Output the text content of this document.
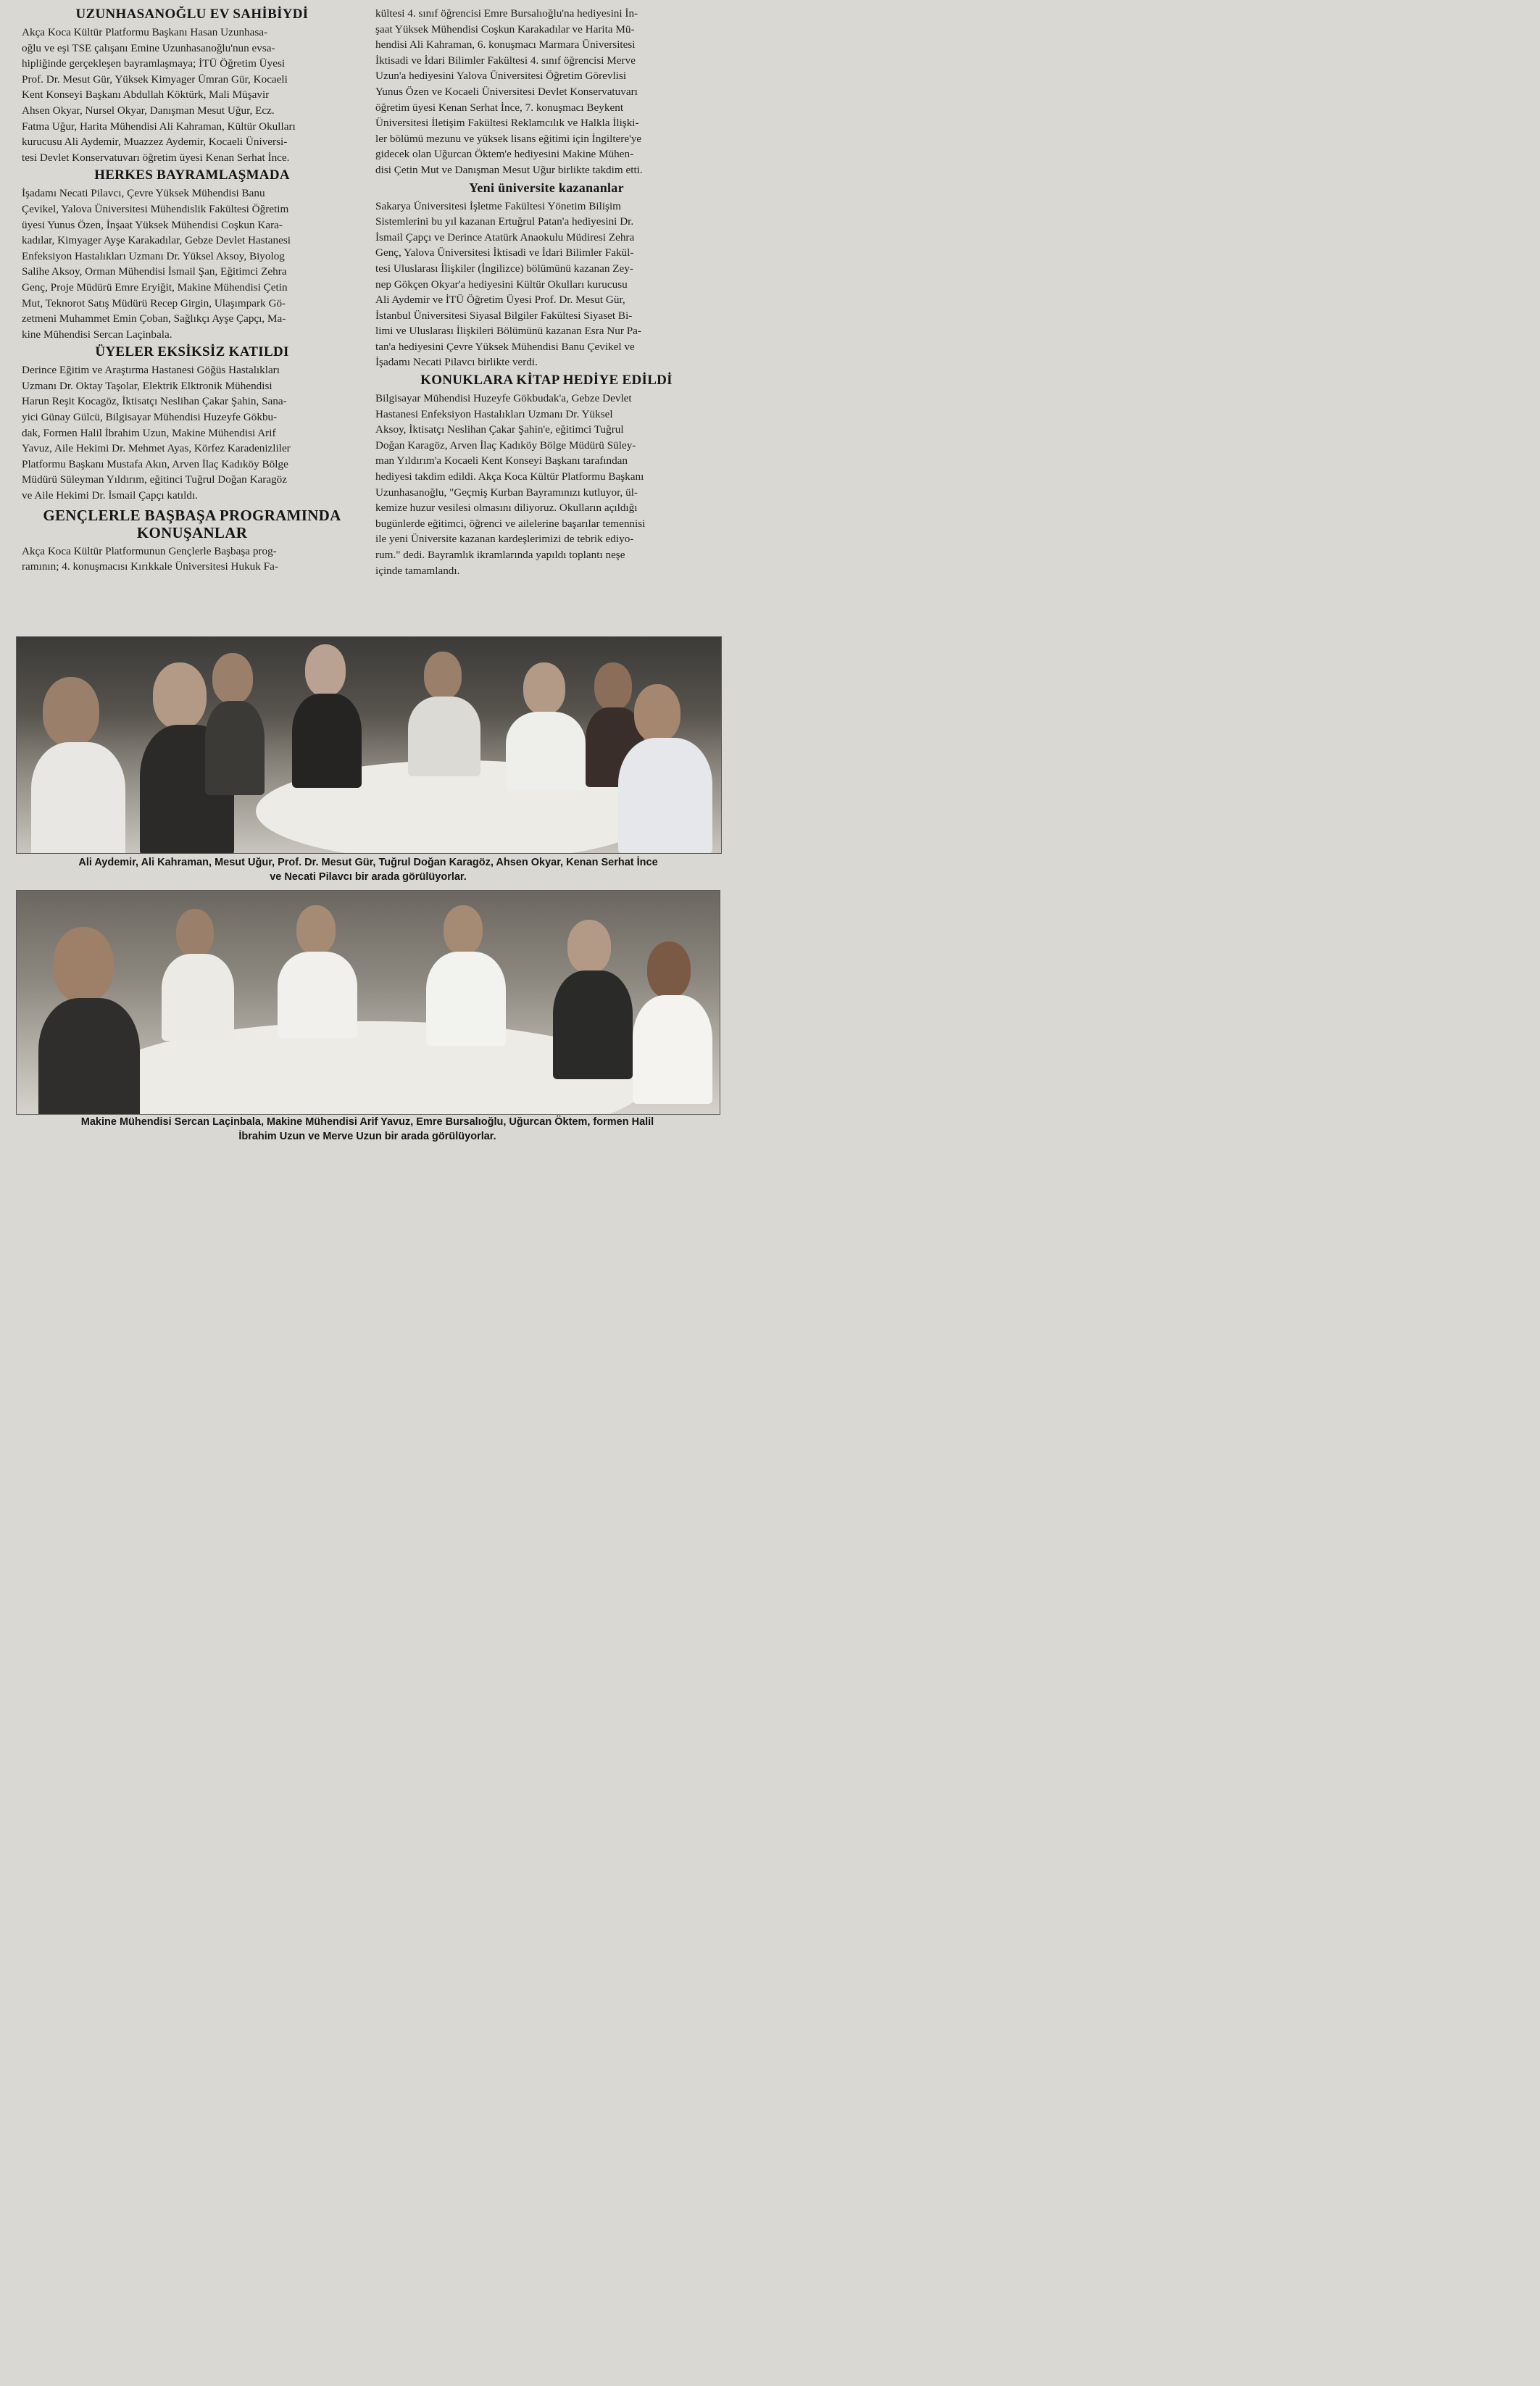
UZUNHASANOĞLU EV SAHİBİYDİ

Akça Koca Kültür Platformu Başkanı Hasan Uzunhasa-
oğlu ve eşi TSE çalışanı Emine Uzunhasanoğlu'nun evsa-
hipliğinde gerçekleşen bayramlaşmaya; İTÜ Öğretim Üyesi
Prof. Dr. Mesut Gür, Yüksek Kimyager Ümran Gür, Kocaeli
Kent Konseyi Başkanı Abdullah Köktürk, Mali Müşavir
Ahsen Okyar, Nursel Okyar, Danışman Mesut Uğur, Ecz.
Fatma Uğur, Harita Mühendisi Ali Kahraman, Kültür Okulları
kurucusu Ali Aydemir, Muazzez Aydemir, Kocaeli Üniversi-
tesi Devlet Konservatuvarı öğretim üyesi Kenan Serhat İnce.

HERKES BAYRAMLAŞMADA

İşadamı Necati Pilavcı, Çevre Yüksek Mühendisi Banu
Çevikel, Yalova Üniversitesi Mühendislik Fakültesi Öğretim
üyesi Yunus Özen, İnşaat Yüksek Mühendisi Coşkun Kara-
kadılar, Kimyager Ayşe Karakadılar, Gebze Devlet Hastanesi
Enfeksiyon Hastalıkları Uzmanı Dr. Yüksel Aksoy, Biyolog
Salihe Aksoy, Orman Mühendisi İsmail Şan, Eğitimci Zehra
Genç, Proje Müdürü Emre Eryiğit, Makine Mühendisi Çetin
Mut, Teknorot Satış Müdürü Recep Girgin, Ulaşımpark Gö-
zetmeni Muhammet Emin Çoban, Sağlıkçı Ayşe Çapçı, Ma-
kine Mühendisi Sercan Laçinbala.

ÜYELER EKSİKSİZ KATILDI

Derince Eğitim ve Araştırma Hastanesi Göğüs Hastalıkları
Uzmanı Dr. Oktay Taşolar, Elektrik Elktronik Mühendisi
Harun Reşit Kocagöz, İktisatçı Neslihan Çakar Şahin, Sana-
yici Günay Gülcü, Bilgisayar Mühendisi Huzeyfe Gökbu-
dak, Formen Halil İbrahim Uzun, Makine Mühendisi Arif
Yavuz, Aile Hekimi Dr. Mehmet Ayas, Körfez Karadenizliler
Platformu Başkanı Mustafa Akın, Arven İlaç Kadıköy Bölge
Müdürü Süleyman Yıldırım, eğitinci Tuğrul Doğan Karagöz
ve Aile Hekimi Dr. İsmail Çapçı katıldı.

GENÇLERLE BAŞBAŞA PROGRAMINDA
KONUŞANLAR

Akça Koca Kültür Platformunun Gençlerle Başbaşa prog-
ramının; 4. konuşmacısı Kırıkkale Üniversitesi Hukuk Fa-

kültesi 4. sınıf öğrencisi Emre Bursalıoğlu'na hediyesini İn-
şaat Yüksek Mühendisi Coşkun Karakadılar ve Harita Mü-
hendisi Ali Kahraman, 6. konuşmacı Marmara Üniversitesi
İktisadi ve İdari Bilimler Fakültesi 4. sınıf öğrencisi Merve
Uzun'a hediyesini Yalova Üniversitesi Öğretim Görevlisi
Yunus Özen ve Kocaeli Üniversitesi Devlet Konservatuvarı
öğretim üyesi Kenan Serhat İnce, 7. konuşmacı Beykent
Üniversitesi İletişim Fakültesi Reklamcılık ve Halkla İlişki-
ler bölümü mezunu ve yüksek lisans eğitimi için İngiltere'ye
gidecek olan Uğurcan Öktem'e hediyesini Makine Mühen-
disi Çetin Mut ve Danışman Mesut Uğur birlikte takdim etti.

Yeni üniversite kazananlar

Sakarya Üniversitesi İşletme Fakültesi Yönetim Bilişim
Sistemlerini bu yıl kazanan Ertuğrul Patan'a hediyesini Dr.
İsmail Çapçı ve Derince Atatürk Anaokulu Müdiresi Zehra
Genç, Yalova Üniversitesi İktisadi ve İdari Bilimler Fakül-
tesi Uluslarası İlişkiler (İngilizce) bölümünü kazanan Zey-
nep Gökçen Okyar'a hediyesini Kültür Okulları kurucusu
Ali Aydemir ve İTÜ Öğretim Üyesi Prof. Dr. Mesut Gür,
İstanbul Üniversitesi Siyasal Bilgiler Fakültesi Siyaset Bi-
limi ve Uluslarası İlişkileri Bölümünü kazanan Esra Nur Pa-
tan'a hediyesini Çevre Yüksek Mühendisi Banu Çevikel ve
İşadamı Necati Pilavcı birlikte verdi.

KONUKLARA KİTAP HEDİYE EDİLDİ

Bilgisayar Mühendisi Huzeyfe Gökbudak'a, Gebze Devlet
Hastanesi Enfeksiyon Hastalıkları Uzmanı Dr. Yüksel
Aksoy, İktisatçı Neslihan Çakar Şahin'e, eğitimci Tuğrul
Doğan Karagöz, Arven İlaç Kadıköy Bölge Müdürü Süley-
man Yıldırım'a Kocaeli Kent Konseyi Başkanı tarafından
hediyesi takdim edildi. Akça Koca Kültür Platformu Başkanı
Uzunhasanoğlu, "Geçmiş Kurban Bayramınızı kutluyor, ül-
kemize huzur vesilesi olmasını diliyoruz. Okulların açıldığı
bugünlerde eğitimci, öğrenci ve ailelerine başarılar temennisi
ile yeni Üniversite kazanan kardeşlerimizi de tebrik ediyo-
rum." dedi. Bayramlık ikramlarında yapıldı toplantı neşe
içinde tamamlandı.

Ali Aydemir, Ali Kahraman, Mesut Uğur, Prof. Dr. Mesut Gür, Tuğrul Doğan Karagöz, Ahsen Okyar, Kenan Serhat İnce
ve Necati Pilavcı bir arada görülüyorlar.
Makine Mühendisi Sercan Laçinbala, Makine Mühendisi Arif Yavuz, Emre Bursalıoğlu, Uğurcan Öktem, formen Halil
İbrahim Uzun ve Merve Uzun bir arada görülüyorlar.
